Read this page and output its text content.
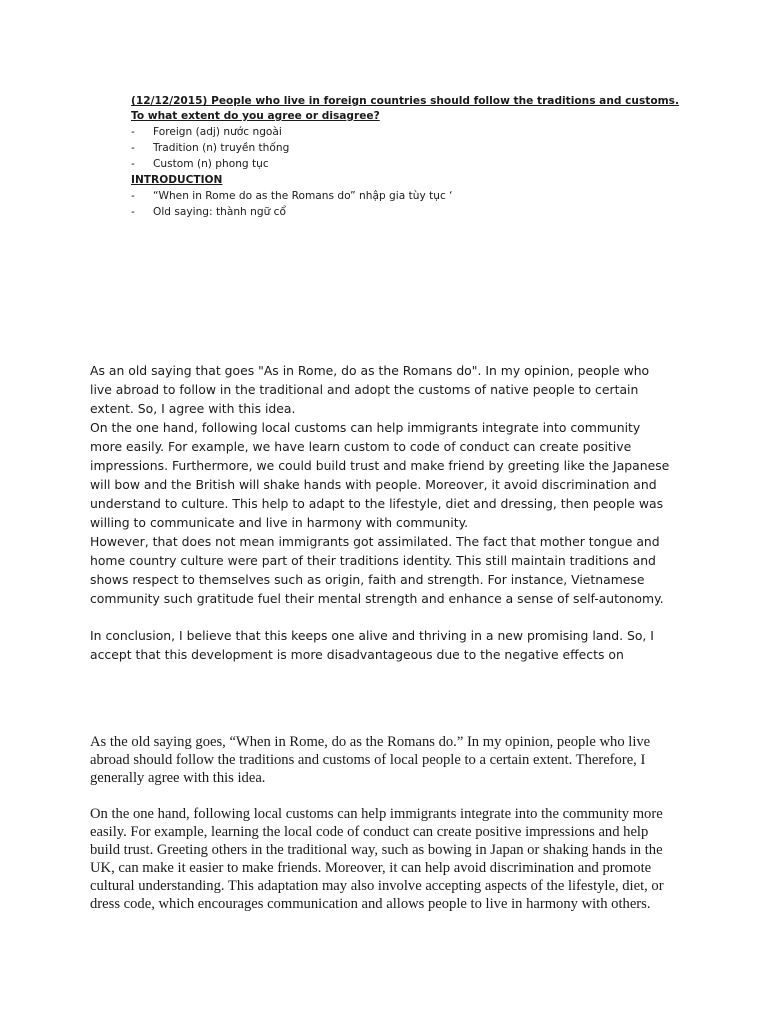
(12/12/2015) People who live in foreign countries should follow the traditions and customs. To what extent do you agree or disagree?

- Foreign (adj) nước ngoài
- Tradition (n) truyền thống
- Custom (n) phong tục

INTRODUCTION

- “When in Rome do as the Romans do” nhập gia tùy tục ‘
- Old saying: thành ngữ cổ

As an old saying that goes "As in Rome, do as the Romans do". In my opinion, people who live abroad to follow in the traditional and adopt the customs of native people to certain extent. So, I agree with this idea.

On the one hand, following local customs can help immigrants integrate into community more easily. For example, we have learn custom to code of conduct can create positive impressions. Furthermore, we could build trust and make friend by greeting like the Japanese will bow and the British will shake hands with people. Moreover, it avoid discrimination and understand to culture. This help to adapt to the lifestyle, diet and dressing, then people was willing to communicate and live in harmony with community.

However, that does not mean immigrants got assimilated. The fact that mother tongue and home country culture were part of their traditions identity. This still maintain traditions and shows respect to themselves such as origin, faith and strength. For instance, Vietnamese community such gratitude fuel their mental strength and enhance a sense of self-autonomy.

In conclusion, I believe that this keeps one alive and thriving in a new promising land. So, I accept that this development is more disadvantageous due to the negative effects on

As the old saying goes, “When in Rome, do as the Romans do.” In my opinion, people who live abroad should follow the traditions and customs of local people to a certain extent. Therefore, I generally agree with this idea.

On the one hand, following local customs can help immigrants integrate into the community more easily. For example, learning the local code of conduct can create positive impressions and help build trust. Greeting others in the traditional way, such as bowing in Japan or shaking hands in the UK, can make it easier to make friends. Moreover, it can help avoid discrimination and promote cultural understanding. This adaptation may also involve accepting aspects of the lifestyle, diet, or dress code, which encourages communication and allows people to live in harmony with others.
